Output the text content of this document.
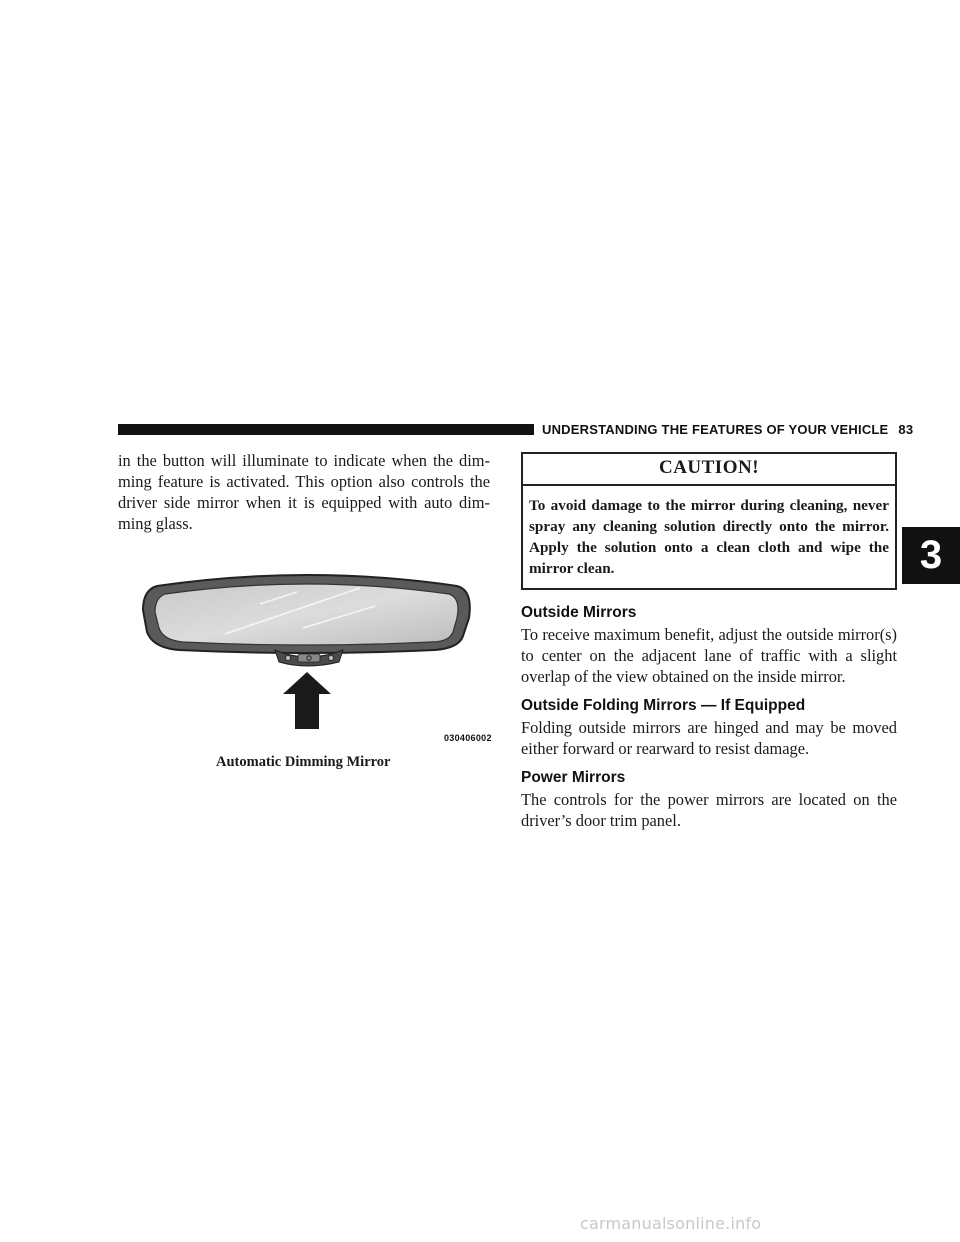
UNDERSTANDING THE FEATURES OF YOUR VEHICLE 83
3

in the button will illuminate to indicate when the dim-ming feature is activated. This option also controls the driver side mirror when it is equipped with auto dim-ming glass.

030406002
Automatic Dimming Mirror
CAUTION!

To avoid damage to the mirror during cleaning, never spray any cleaning solution directly onto the mirror. Apply the solution onto a clean cloth and wipe the mirror clean.

Outside Mirrors

To receive maximum benefit, adjust the outside mirror(s) to center on the adjacent lane of traffic with a slight overlap of the view obtained on the inside mirror.

Outside Folding Mirrors — If Equipped

Folding outside mirrors are hinged and may be moved either forward or rearward to resist damage.

Power Mirrors

The controls for the power mirrors are located on the driver’s door trim panel.

carmanualsonline.info
